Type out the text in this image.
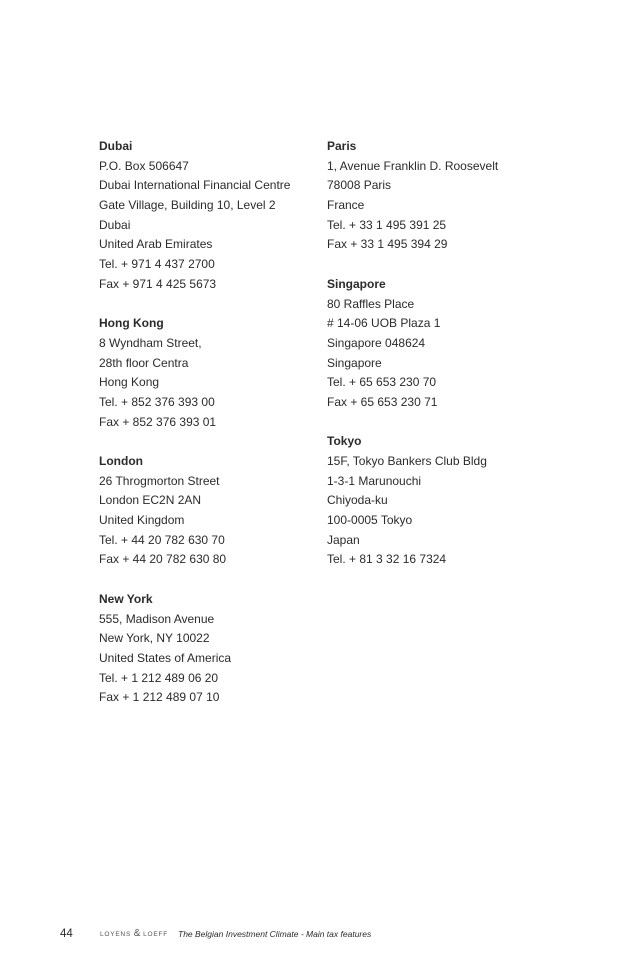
Dubai
P.O. Box 506647
Dubai International Financial Centre
Gate Village, Building 10, Level 2
Dubai
United Arab Emirates
Tel. + 971 4 437 2700
Fax + 971 4 425 5673
Hong Kong
8 Wyndham Street,
28th floor Centra
Hong Kong
Tel. + 852 376 393 00
Fax + 852 376 393 01
London
26 Throgmorton Street
London EC2N 2AN
United Kingdom
Tel. + 44 20 782 630 70
Fax + 44 20 782 630 80
New York
555, Madison Avenue
New York, NY 10022
United States of America
Tel. + 1 212 489 06 20
Fax + 1 212 489 07 10
Paris
1, Avenue Franklin D. Roosevelt
78008 Paris
France
Tel. + 33 1 495 391 25
Fax + 33 1 495 394 29
Singapore
80 Raffles Place
# 14-06 UOB Plaza 1
Singapore 048624
Singapore
Tel. + 65 653 230 70
Fax + 65 653 230 71
Tokyo
15F, Tokyo Bankers Club Bldg
1-3-1 Marunouchi
Chiyoda-ku
100-0005 Tokyo
Japan
Tel. + 81 3 32 16 7324
44	LOYENS & LOEFF The Belgian Investment Climate - Main tax features
